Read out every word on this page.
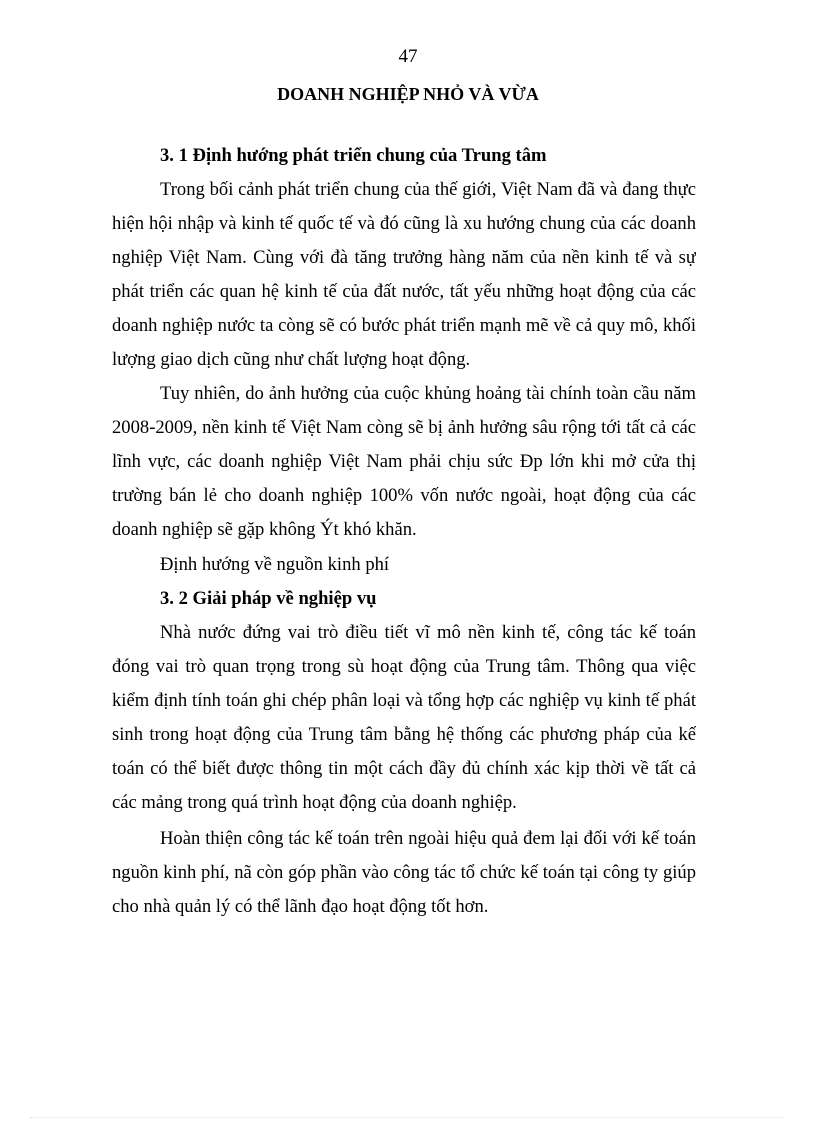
47
DOANH NGHIỆP NHỎ VÀ VỪA
3. 1 Định hướng phát triển chung của Trung tâm
Trong bối cảnh phát triển chung của thế giới, Việt Nam đã và đang thực
hiện hội nhập và kinh tế quốc tế và đó cũng là xu hướng chung của các doanh
nghiệp Việt Nam. Cùng với đà tăng trưởng hàng năm của nền kinh tế và sự
phát triển các quan hệ kinh tế của đất nước, tất yếu những hoạt động của các
doanh nghiệp nước ta còng sẽ có bước phát triển mạnh mẽ về cả quy mô, khối
lượng giao dịch cũng như chất lượng hoạt động.
Tuy nhiên, do ảnh hưởng của cuộc khủng hoảng tài chính toàn cầu năm
2008-2009, nền kinh tế Việt Nam còng sẽ bị ảnh hưởng sâu rộng tới tất cả các
lĩnh vực, các doanh nghiệp Việt Nam phải chịu sức Đp lớn khi mở cửa thị
trường bán lẻ cho doanh nghiệp 100% vốn nước ngoài, hoạt động của các
doanh nghiệp sẽ gặp không Ýt khó khăn.
Định hướng về nguồn kinh phí
3. 2 Giải pháp về nghiệp vụ
Nhà nước đứng vai trò điều tiết vĩ mô nền kinh tế, công tác kế toán
đóng vai trò quan trọng trong sù hoạt động của Trung tâm. Thông qua việc
kiểm định tính toán ghi chép phân loại và tổng hợp các nghiệp vụ kinh tế phát
sinh trong hoạt động của Trung tâm bằng hệ thống các phương pháp của kế
toán có thể biết được thông tin một cách đầy đủ chính xác kịp thời về tất cả
các mảng trong quá trình hoạt động của doanh nghiệp.
Hoàn thiện công tác kế toán trên ngoài hiệu quả đem lại đối với kế toán
nguồn kinh phí, nã còn góp phần vào công tác tổ chức kế toán tại công ty giúp
cho nhà quản lý có thể lãnh đạo hoạt động tốt hơn.
